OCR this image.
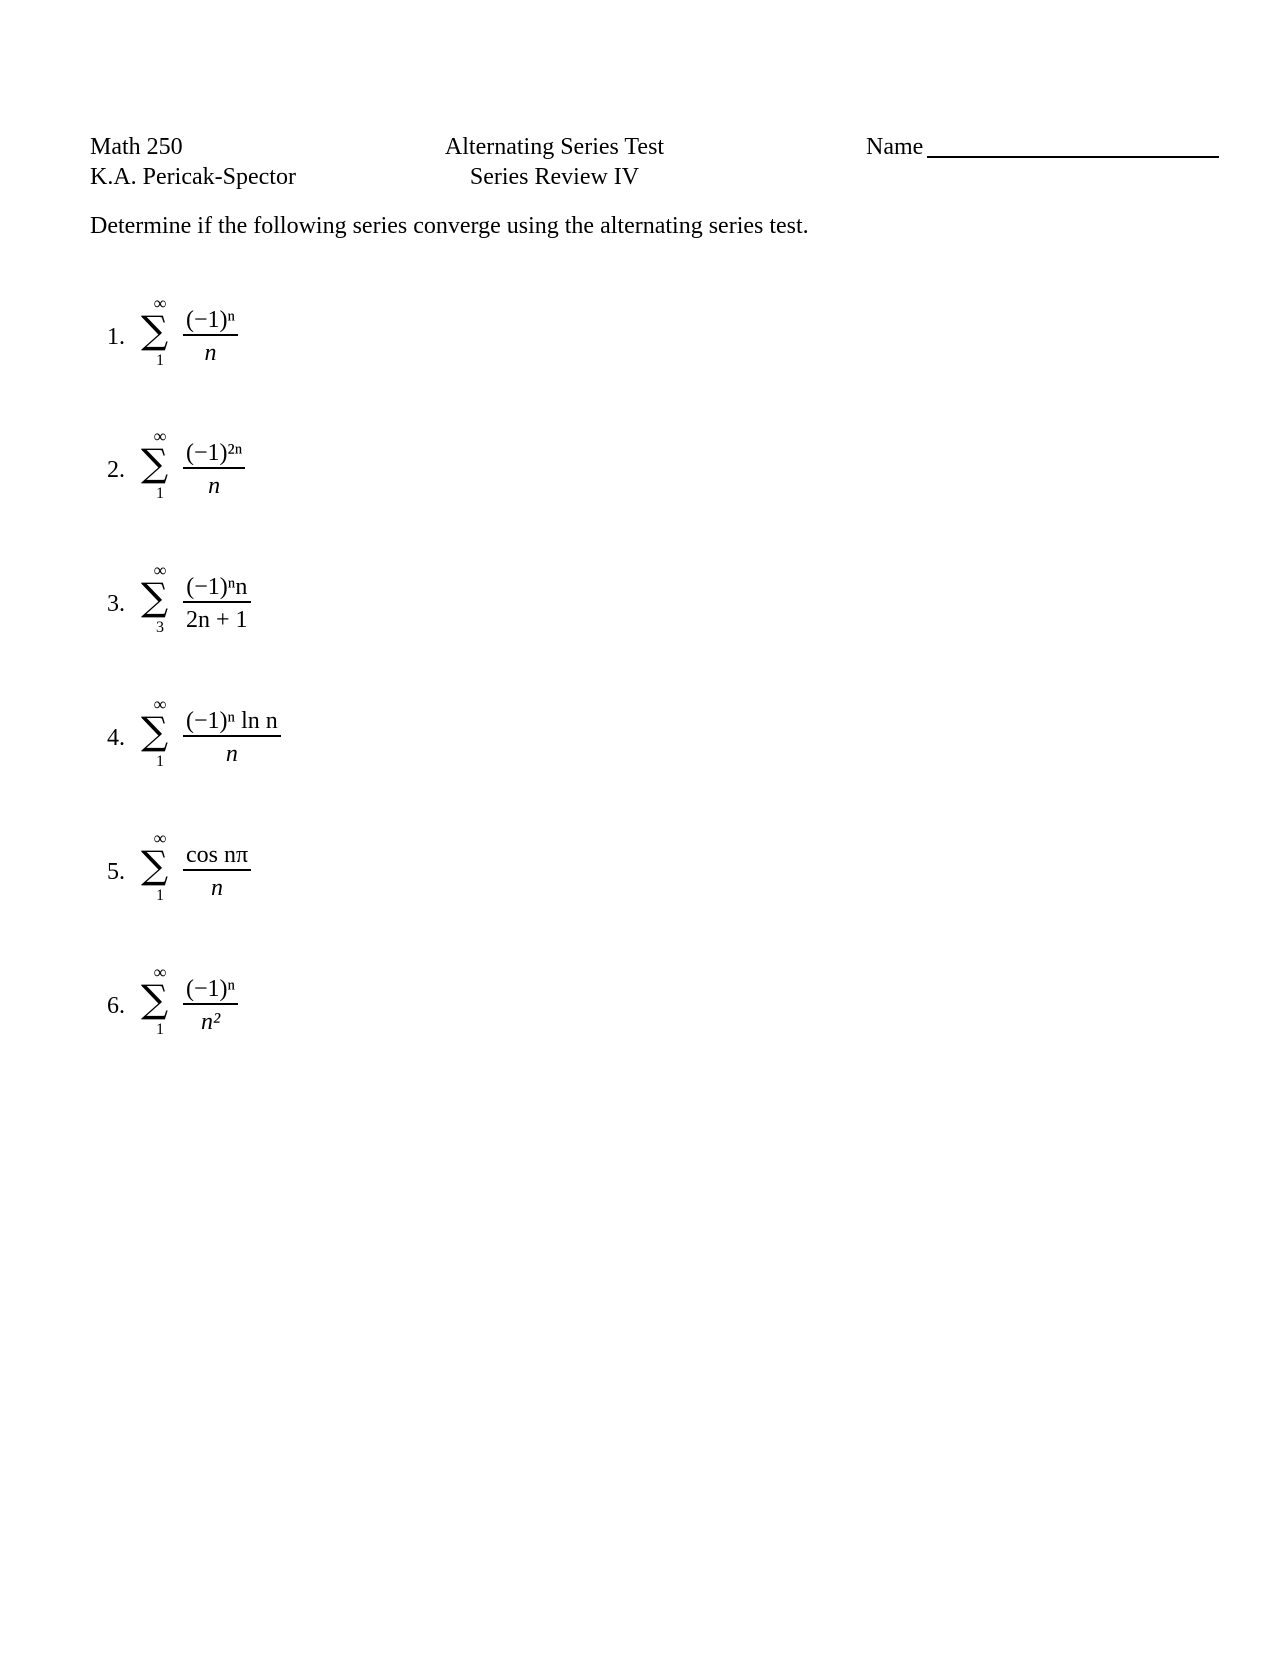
Math 250
K.A. Pericak-Spector
Alternating Series Test
Series Review IV
Name
Determine if the following series converge using the alternating series test.
1.
∞
∑
1
(−1)ⁿ
n
2.
∞
∑
1
(−1)²ⁿ
n
3.
∞
∑
3
(−1)ⁿn
2n + 1
4.
∞
∑
1
(−1)ⁿ ln n
n
5.
∞
∑
1
cos nπ
n
6.
∞
∑
1
(−1)ⁿ
n²
